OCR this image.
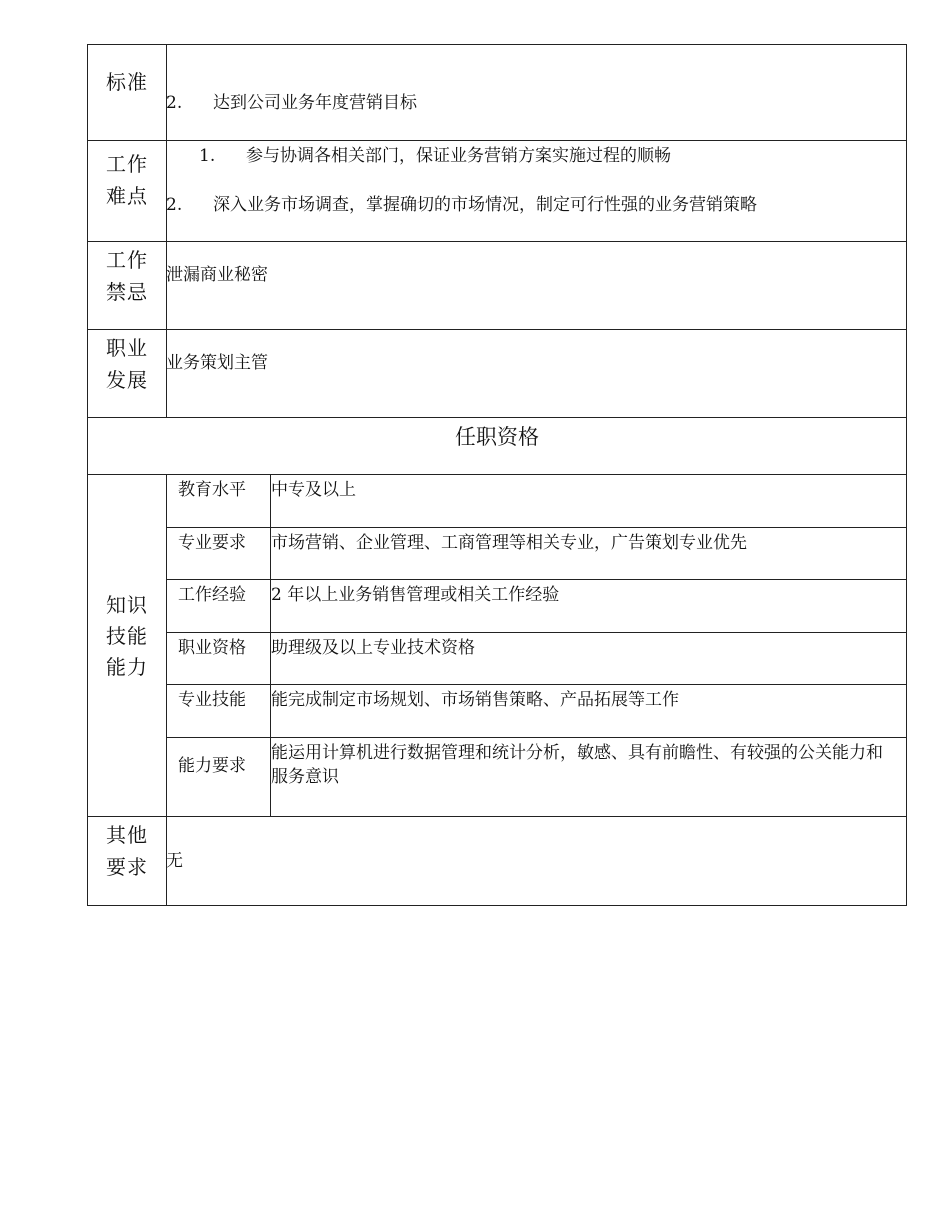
标准
2. 达到公司业务年度营销目标
工作
难点
1. 参与协调各相关部门，保证业务营销方案实施过程的顺畅
2. 深入业务市场调查，掌握确切的市场情况，制定可行性强的业务营销策略
工作
禁忌
泄漏商业秘密
职业
发展
业务策划主管
任职资格
知识
技能
能力
教育水平 中专及以上
专业要求 市场营销、企业管理、工商管理等相关专业，广告策划专业优先
工作经验 2 年以上业务销售管理或相关工作经验
职业资格 助理级及以上专业技术资格
专业技能 能完成制定市场规划、市场销售策略、产品拓展等工作
能力要求
能运用计算机进行数据管理和统计分析，敏感、具有前瞻性、有较强的公关能力和服务意识
其他
要求	无
